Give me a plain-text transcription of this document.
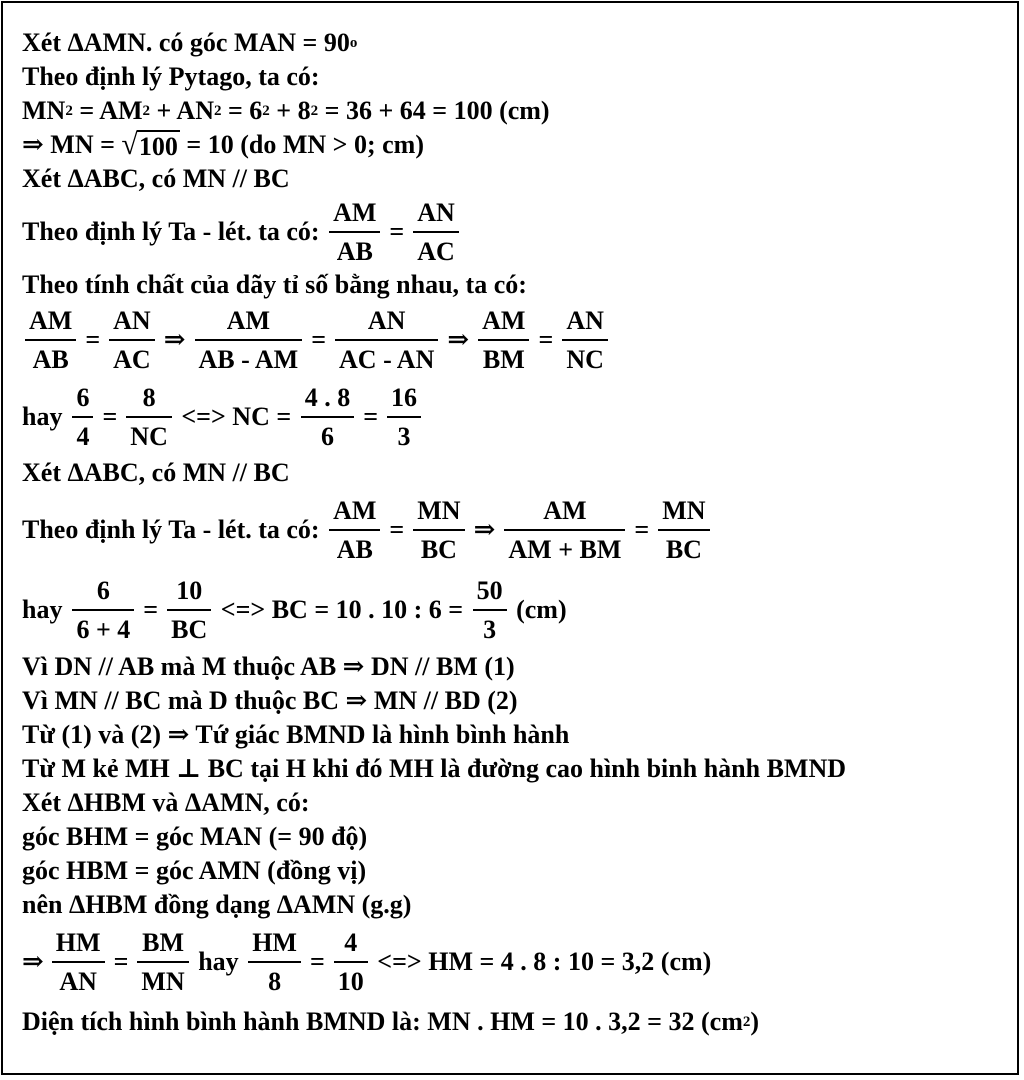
Xét ΔAMN. có góc MAN = 90 o
Theo định lý Pytago, ta có:
MN 2 = AM 2 + AN 2 = 6 2 + 8 2 = 36 + 64 = 100 (cm)
⇒ MN = √ 100 = 10 (do MN > 0; cm)
Xét ΔABC, có MN // BC
Theo định lý Ta - lét. ta có: $\frac{AM}{AB} = \frac{AN}{AC}$
Theo tính chất của dãy tỉ số bằng nhau, ta có:
$\frac{AM}{AB} = \frac{AN}{AC}$ ⇒ $\frac{AM}{AB - AM} = \frac{AN}{AC - AN}$ ⇒ $\frac{AM}{BM} = \frac{AN}{NC}$
hay $\frac{6}{4} = \frac{8}{NC}$ <=> NC = $\frac{4 . 8}{6} = \frac{16}{3}$
Xét ΔABC, có MN // BC
Theo định lý Ta - lét. ta có: $\frac{AM}{AB} = \frac{MN}{BC}$ ⇒ $\frac{AM}{AM + BM} = \frac{MN}{BC}$
hay $\frac{6}{6 + 4} = \frac{10}{BC}$ <=> BC = 10 . 10 : $6 = \frac{50}{3} (cm)$
Vì DN // AB mà M thuộc AB ⇒ DN // BM (1)
Vì MN // BC mà D thuộc BC ⇒ MN // BD (2)
Từ (1) và (2) ⇒ Tứ giác BMND là hình bình hành
Từ M kẻ MH ⊥ BC tại H khi đó MH là đường cao hình binh hành BMND
Xét ΔHBM và ΔAMN, có:
góc BHM = góc MAN (= 90 độ)
góc HBM = góc AMN (đồng vị)
nên ΔHBM đồng dạng ΔAMN (g.g)
⇒ $\frac{HM}{AN} = \frac{BM}{MN}$ hay $\frac{HM}{8} = \frac{4}{10}$ <=> HM = 4 . 8 : 10 = 3,2 (cm)
Diện tích hình bình hành BMND là: MN . HM = 10 . 3,2 = 32 (cm 2 )
